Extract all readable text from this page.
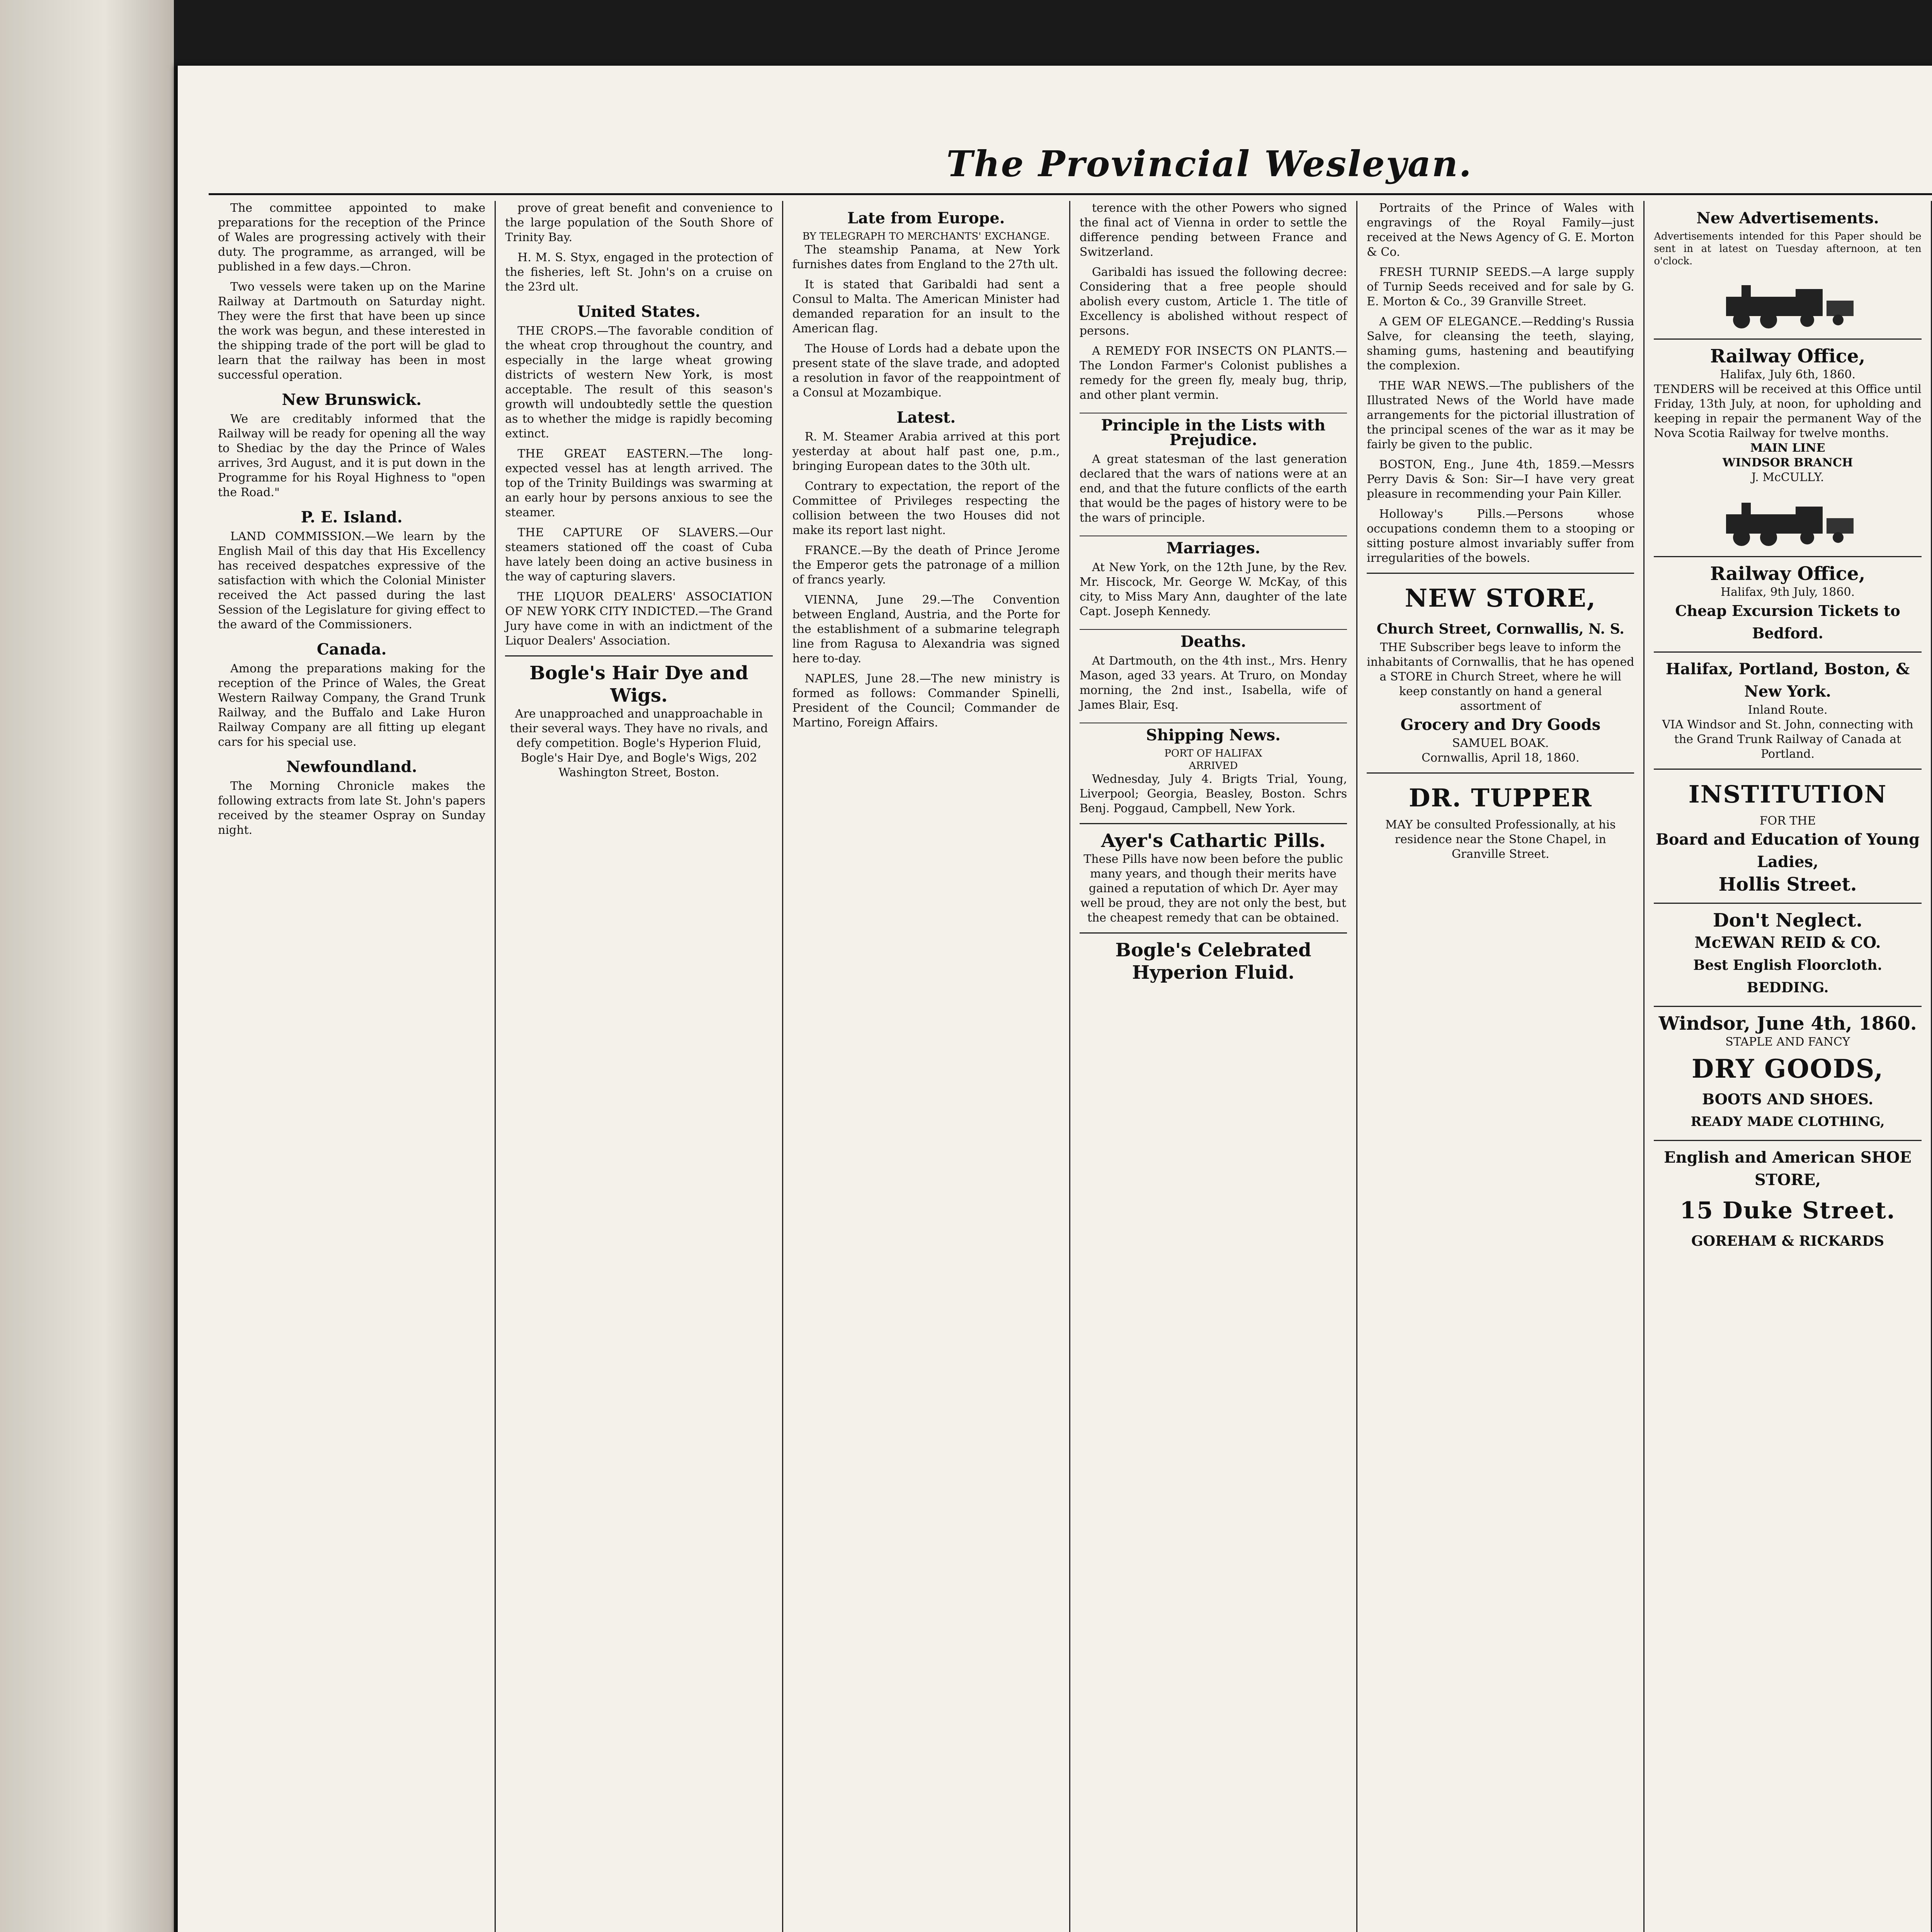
The Provincial Wesleyan.

The committee appointed to make preparations for the reception of the Prince of Wales are progressing actively with their duty. The programme, as arranged, will be published in a few days.—Chron.

Two vessels were taken up on the Marine Railway at Dartmouth on Saturday night. They were the first that have been up since the work was begun, and these interested in the shipping trade of the port will be glad to learn that the railway has been in most successful operation.

New Brunswick.

We are creditably informed that the Railway will be ready for opening all the way to Shediac by the day the Prince of Wales arrives, 3rd August, and it is put down in the Programme for his Royal Highness to "open the Road."

P. E. Island.

LAND COMMISSION.—We learn by the English Mail of this day that His Excellency has received despatches expressive of the satisfaction with which the Colonial Minister received the Act passed during the last Session of the Legislature for giving effect to the award of the Commissioners.

Canada.

Among the preparations making for the reception of the Prince of Wales, the Great Western Railway Company, the Grand Trunk Railway, and the Buffalo and Lake Huron Railway Company are all fitting up elegant cars for his special use.

Newfoundland.

The Morning Chronicle makes the following extracts from late St. John's papers received by the steamer Ospray on Sunday night.

prove of great benefit and convenience to the large population of the South Shore of Trinity Bay.

H. M. S. Styx, engaged in the protection of the fisheries, left St. John's on a cruise on the 23rd ult.

United States.

THE CROPS.—The favorable condition of the wheat crop throughout the country, and especially in the large wheat growing districts of western New York, is most acceptable. The result of this season's growth will undoubtedly settle the question as to whether the midge is rapidly becoming extinct.

THE GREAT EASTERN.—The long-expected vessel has at length arrived. The top of the Trinity Buildings was swarming at an early hour by persons anxious to see the steamer.

THE CAPTURE OF SLAVERS.—Our steamers stationed off the coast of Cuba have lately been doing an active business in the way of capturing slavers.

THE LIQUOR DEALERS' ASSOCIATION OF NEW YORK CITY INDICTED.—The Grand Jury have come in with an indictment of the Liquor Dealers' Association.

Bogle's Hair Dye and Wigs.
Are unapproached and unapproachable in their several ways. They have no rivals, and defy competition. Bogle's Hyperion Fluid, Bogle's Hair Dye, and Bogle's Wigs, 202 Washington Street, Boston.
Late from Europe.
BY TELEGRAPH TO MERCHANTS' EXCHANGE.

The steamship Panama, at New York furnishes dates from England to the 27th ult.

It is stated that Garibaldi had sent a Consul to Malta. The American Minister had demanded reparation for an insult to the American flag.

The House of Lords had a debate upon the present state of the slave trade, and adopted a resolution in favor of the reappointment of a Consul at Mozambique.

Latest.

R. M. Steamer Arabia arrived at this port yesterday at about half past one, p.m., bringing European dates to the 30th ult.

Contrary to expectation, the report of the Committee of Privileges respecting the collision between the two Houses did not make its report last night.

FRANCE.—By the death of Prince Jerome the Emperor gets the patronage of a million of francs yearly.

VIENNA, June 29.—The Convention between England, Austria, and the Porte for the establishment of a submarine telegraph line from Ragusa to Alexandria was signed here to-day.

NAPLES, June 28.—The new ministry is formed as follows: Commander Spinelli, President of the Council; Commander de Martino, Foreign Affairs.

terence with the other Powers who signed the final act of Vienna in order to settle the difference pending between France and Switzerland.

Garibaldi has issued the following decree: Considering that a free people should abolish every custom, Article 1. The title of Excellency is abolished without respect of persons.

A REMEDY FOR INSECTS ON PLANTS.—The London Farmer's Colonist publishes a remedy for the green fly, mealy bug, thrip, and other plant vermin.

Principle in the Lists with Prejudice.

A great statesman of the last generation declared that the wars of nations were at an end, and that the future conflicts of the earth that would be the pages of history were to be the wars of principle.

Marriages.

At New York, on the 12th June, by the Rev. Mr. Hiscock, Mr. George W. McKay, of this city, to Miss Mary Ann, daughter of the late Capt. Joseph Kennedy.

Deaths.

At Dartmouth, on the 4th inst., Mrs. Henry Mason, aged 33 years. At Truro, on Monday morning, the 2nd inst., Isabella, wife of James Blair, Esq.

Shipping News.
PORT OF HALIFAX
ARRIVED

Wednesday, July 4. Brigts Trial, Young, Liverpool; Georgia, Beasley, Boston. Schrs Benj. Poggaud, Campbell, New York.

Ayer's Cathartic Pills.
These Pills have now been before the public many years, and though their merits have gained a reputation of which Dr. Ayer may well be proud, they are not only the best, but the cheapest remedy that can be obtained.
Bogle's Celebrated Hyperion Fluid.

Portraits of the Prince of Wales with engravings of the Royal Family—just received at the News Agency of G. E. Morton & Co.

FRESH TURNIP SEEDS.—A large supply of Turnip Seeds received and for sale by G. E. Morton & Co., 39 Granville Street.

A GEM OF ELEGANCE.—Redding's Russia Salve, for cleansing the teeth, slaying, shaming gums, hastening and beautifying the complexion.

THE WAR NEWS.—The publishers of the Illustrated News of the World have made arrangements for the pictorial illustration of the principal scenes of the war as it may be fairly be given to the public.

BOSTON, Eng., June 4th, 1859.—Messrs Perry Davis & Son: Sir—I have very great pleasure in recommending your Pain Killer.

Holloway's Pills.—Persons whose occupations condemn them to a stooping or sitting posture almost invariably suffer from irregularities of the bowels.

NEW STORE,
Church Street, Cornwallis, N. S.
THE Subscriber begs leave to inform the inhabitants of Cornwallis, that he has opened a STORE in Church Street, where he will keep constantly on hand a general assortment of
Grocery and Dry Goods
SAMUEL BOAK.
Cornwallis, April 18, 1860.
DR. TUPPER
MAY be consulted Professionally, at his residence near the Stone Chapel, in Granville Street.
New Advertisements.
Advertisements intended for this Paper should be sent in at latest on Tuesday afternoon, at ten o'clock.
Railway Office,
Halifax, July 6th, 1860.
TENDERS will be received at this Office until Friday, 13th July, at noon, for upholding and keeping in repair the permanent Way of the Nova Scotia Railway for twelve months.
MAIN LINE
WINDSOR BRANCH
J. McCULLY.
Railway Office,
Halifax, 9th July, 1860.
Cheap Excursion Tickets to Bedford.
Halifax, Portland, Boston, & New York.
Inland Route.
VIA Windsor and St. John, connecting with the Grand Trunk Railway of Canada at Portland.
INSTITUTION
FOR THE
Board and Education of Young Ladies,
Hollis Street.
Don't Neglect.
McEWAN REID & CO.
Best English Floorcloth.
BEDDING.
Windsor, June 4th, 1860.
STAPLE AND FANCY
DRY GOODS,
BOOTS AND SHOES.
READY MADE CLOTHING,
English and American SHOE STORE,
15 Duke Street.
GOREHAM & RICKARDS
